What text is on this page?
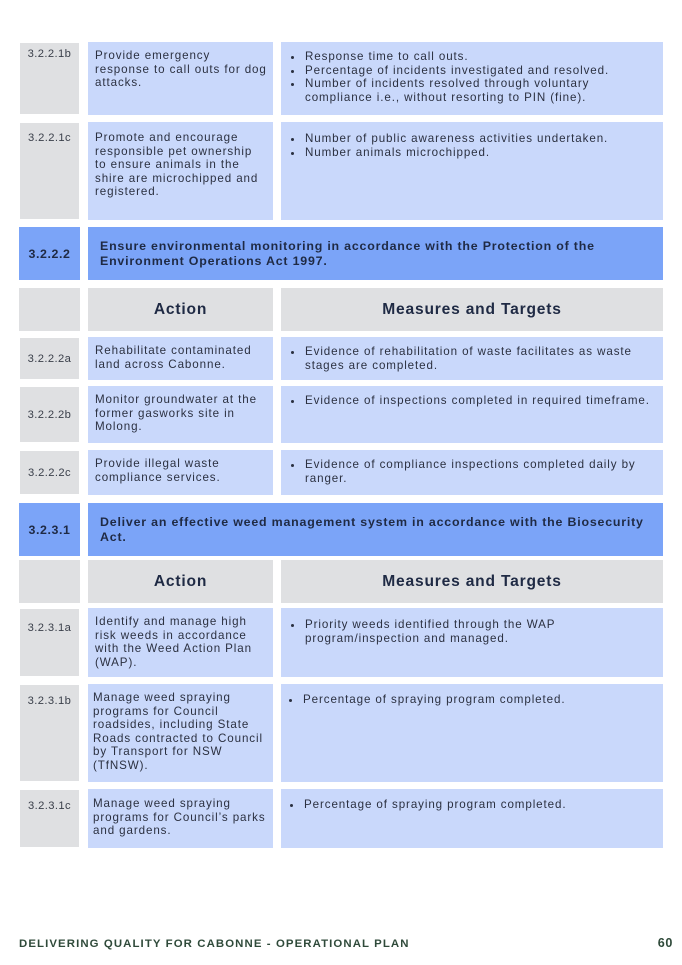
3.2.2.1b	Provide emergency response to call outs for dog attacks.
• Response time to call outs.
• Percentage of incidents investigated and resolved.
• Number of incidents resolved through voluntary compliance i.e., without resorting to PIN (fine).
3.2.2.1c	Promote and encourage responsible pet ownership to ensure animals in the shire are microchipped and registered.
• Number of public awareness activities undertaken.
• Number animals microchipped.
3.2.2.2
Ensure environmental monitoring in accordance with the Protection of the Environment Operations Act 1997.
Action	Measures and Targets
3.2.2.2a
Rehabilitate contaminated land across Cabonne.
• Evidence of rehabilitation of waste facilitates as waste stages are completed.
3.2.2.2b
Monitor groundwater at the former gasworks site in Molong.
• Evidence of inspections completed in required timeframe.
3.2.2.2c
Provide illegal waste compliance services.
• Evidence of compliance inspections completed daily by ranger.
3.2.3.1
Deliver an effective weed management system in accordance with the Biosecurity Act.
Action	Measures and Targets
3.2.3.1a	Identify and manage high risk weeds in accordance with the Weed Action Plan (WAP).
• Priority weeds identified through the WAP program/inspection and managed.
3.2.3.1b	Manage weed spraying programs for Council roadsides, including State Roads contracted to Council by Transport for NSW (TfNSW).
• Percentage of spraying program completed.
3.2.3.1c	Manage weed spraying programs for Council’s parks and gardens.
• Percentage of spraying program completed.
DELIVERING QUALITY FOR CABONNE - OPERATIONAL PLAN	60
